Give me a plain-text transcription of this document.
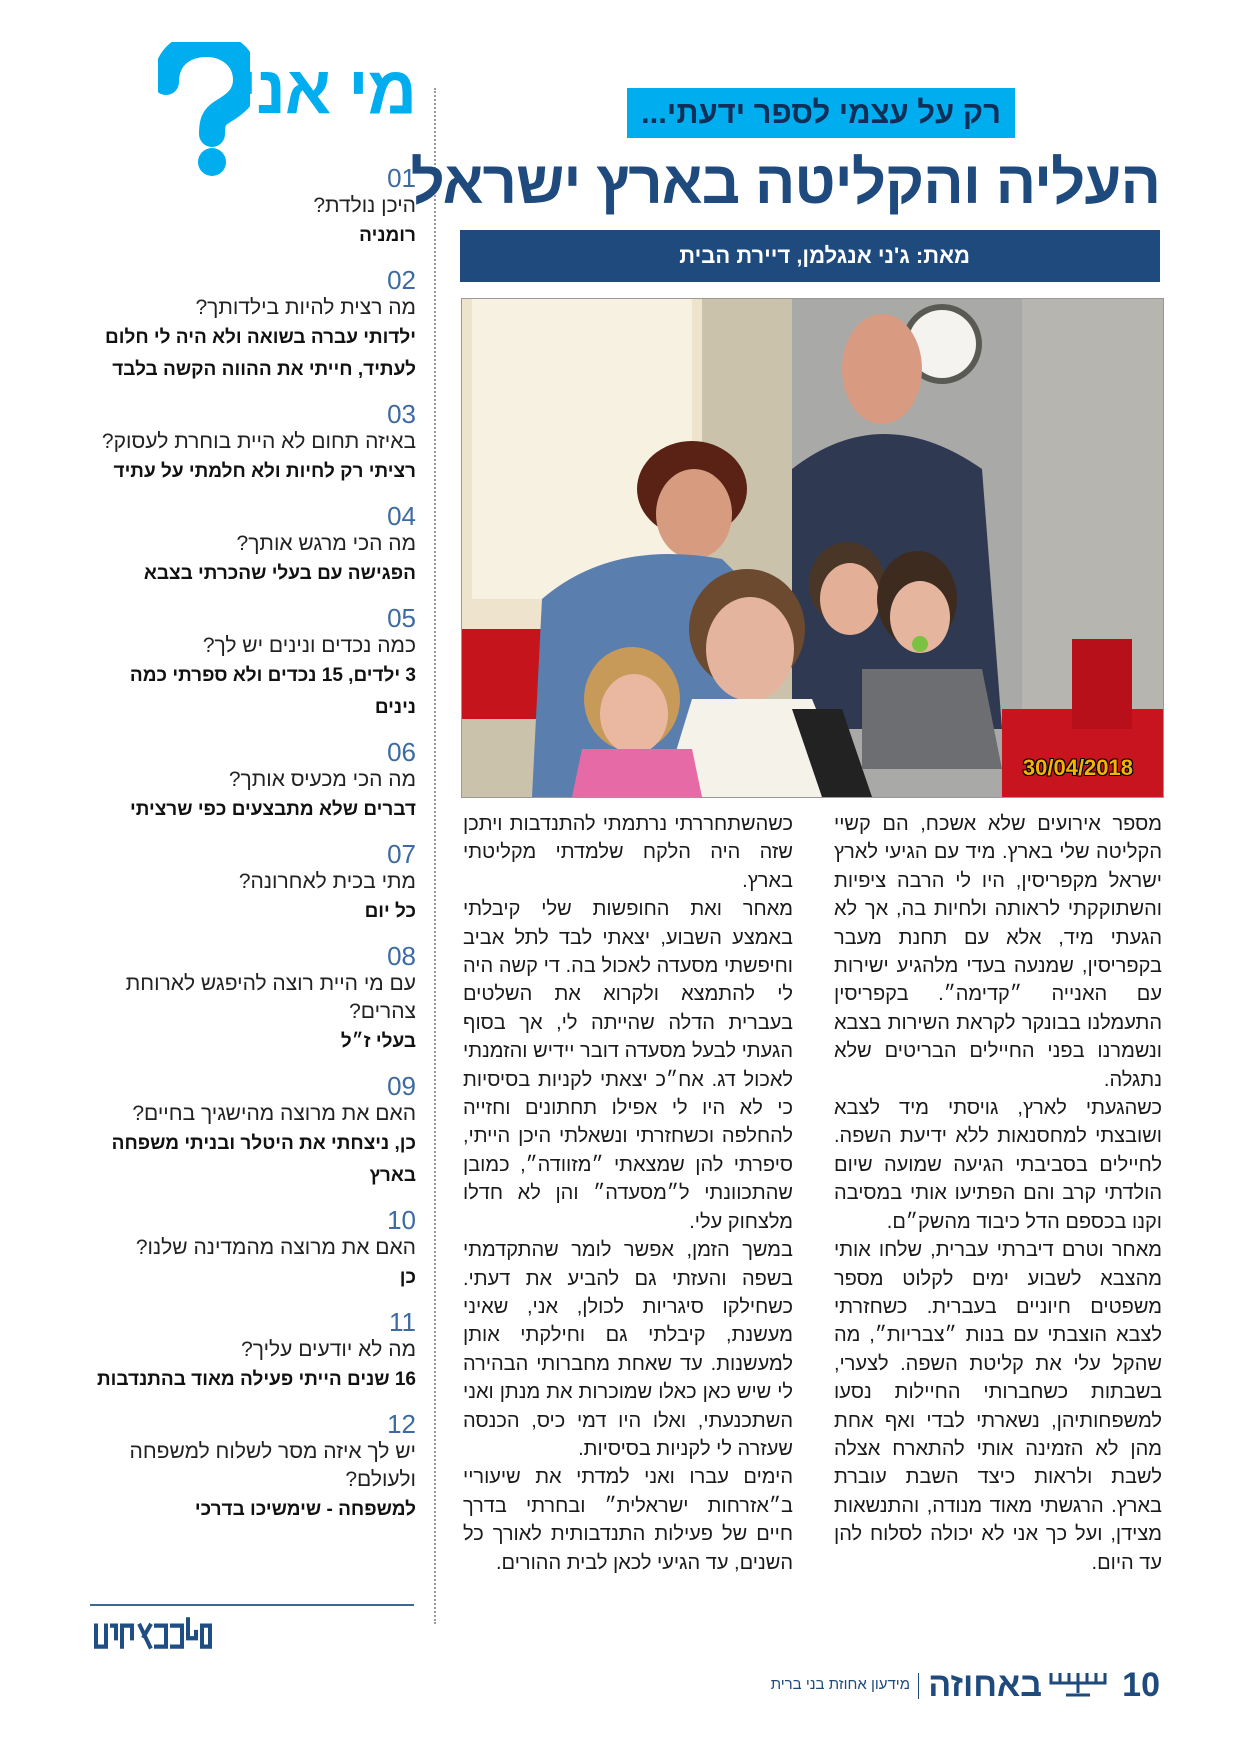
מי אני
01
היכן נולדת?
רומניה
02
מה רצית להיות בילדותך?
ילדותי עברה בשואה ולא היה לי חלום לעתיד, חייתי את ההווה הקשה בלבד
03
באיזה תחום לא היית בוחרת לעסוק?
רציתי רק לחיות ולא חלמתי על עתיד
04
מה הכי מרגש אותך?
הפגישה עם בעלי שהכרתי בצבא
05
כמה נכדים ונינים יש לך?
3 ילדים, 15 נכדים ולא ספרתי כמה נינים
06
מה הכי מכעיס אותך?
דברים שלא מתבצעים כפי שרציתי
07
מתי בכית לאחרונה?
כל יום
08
עם מי היית רוצה להיפגש לארוחת צהרים?
בעלי ז״ל
09
האם את מרוצה מהישגיך בחיים?
כן, ניצחתי את היטלר ובניתי משפחה בארץ
10
האם את מרוצה מהמדינה שלנו?
כן
11
מה לא יודעים עליך?
16 שנים הייתי פעילה מאוד בהתנדבות
12
יש לך איזה מסר לשלוח למשפחה ולעולם?
למשפחה - שימשיכו בדרכי
רק על עצמי לספר ידעתי...
העליה והקליטה בארץ ישראל
מאת: ג'ני אנגלמן, דיירת הבית
30/04/2018

מספר אירועים שלא אשכח, הם קשיי הקליטה שלי בארץ. מיד עם הגיעי לארץ ישראל מקפריסין, היו לי הרבה ציפיות והשתוקקתי לראותה ולחיות בה, אך לא הגעתי מיד, אלא עם תחנת מעבר בקפריסין, שמנעה בעדי מלהגיע ישירות עם האנייה ״קדימה״. בקפריסין התעמלנו בבונקר לקראת השירות בצבא ונשמרנו בפני החיילים הבריטים שלא נתגלה.

כשהגעתי לארץ, גויסתי מיד לצבא ושובצתי למחסנאות ללא ידיעת השפה. לחיילים בסביבתי הגיעה שמועה שיום הולדתי קרב והם הפתיעו אותי במסיבה וקנו בכספם הדל כיבוד מהשק״ם.

מאחר וטרם דיברתי עברית, שלחו אותי מהצבא לשבוע ימים לקלוט מספר משפטים חיוניים בעברית. כשחזרתי לצבא הוצבתי עם בנות ״צבריות״, מה שהקל עלי את קליטת השפה. לצערי, בשבתות כשחברותי החיילות נסעו למשפחותיהן, נשארתי לבדי ואף אחת מהן לא הזמינה אותי להתארח אצלה לשבת ולראות כיצד השבת עוברת בארץ. הרגשתי מאוד מנודה, והתנשאות מצידן, ועל כך אני לא יכולה לסלוח להן עד היום.

כשהשתחררתי נרתמתי להתנדבות ויתכן שזה היה הלקח שלמדתי מקליטתי בארץ.

מאחר ואת החופשות שלי קיבלתי באמצע השבוע, יצאתי לבד לתל אביב וחיפשתי מסעדה לאכול בה. די קשה היה לי להתמצא ולקרוא את השלטים בעברית הדלה שהייתה לי, אך בסוף הגעתי לבעל מסעדה דובר יידיש והזמנתי לאכול דג. אח״כ יצאתי לקניות בסיסיות כי לא היו לי אפילו תחתונים וחזייה להחלפה וכשחזרתי ונשאלתי היכן הייתי, סיפרתי להן שמצאתי ״מזוודה״, כמובן שהתכוונתי ל״מסעדה״ והן לא חדלו מלצחוק עלי.

במשך הזמן, אפשר לומר שהתקדמתי בשפה והעזתי גם להביע את דעתי. כשחילקו סיגריות לכולן, אני, שאיני מעשנת, קיבלתי גם וחילקתי אותן למעשנות. עד שאחת מחברותי הבהירה לי שיש כאן כאלו שמוכרות את מנתן ואני השתכנעתי, ואלו היו דמי כיס, הכנסה שעזרה לי לקניות בסיסיות.

הימים עברו ואני למדתי את שיעוריי ב״אזרחות ישראלית״ ובחרתי בדרך חיים של פעילות התנדבותית לאורך כל השנים, עד הגיעי לכאן לבית ההורים.

10
באחוזה
מידעון אחוזת בני ברית
